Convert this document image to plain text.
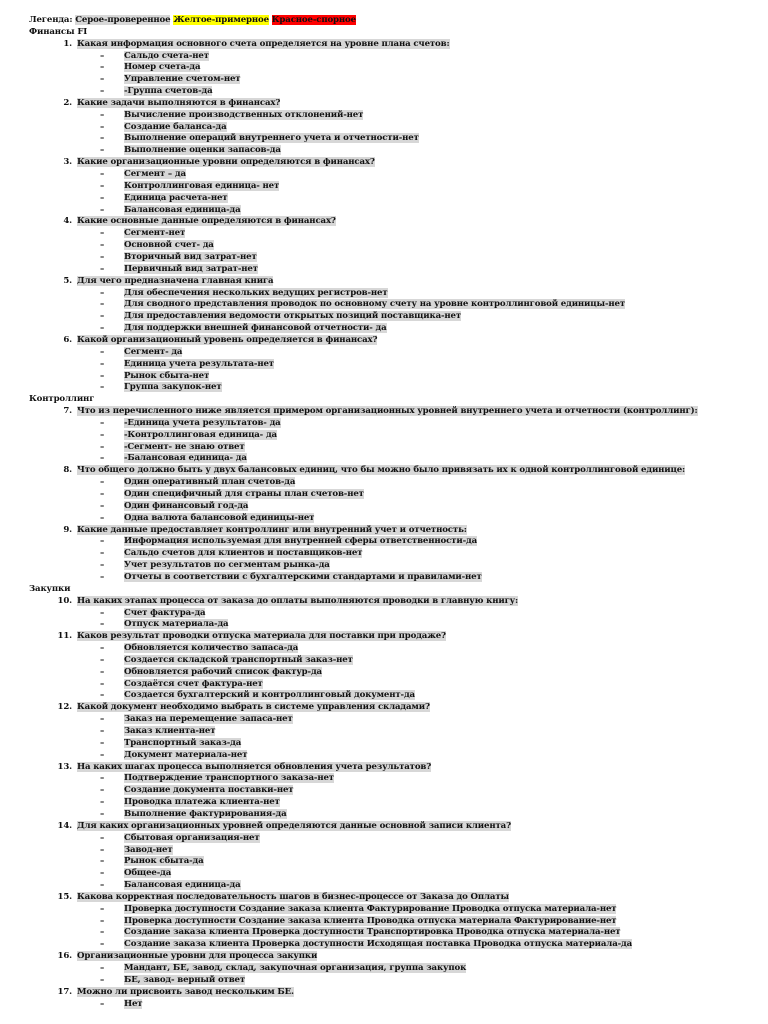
Легенда: Серое-проверенное Желтое-примерное Красное-спорное
Финансы FI
1. Какая информация основного счета определяется на уровне плана счетов:
– Сальдо счета-нет
– Номер счета-да
– Управление счетом-нет
– -Группа счетов-да
2. Какие задачи выполняются в финансах?
– Вычисление производственных отклонений-нет
– Создание баланса-да
– Выполнение операций внутреннего учета и отчетности-нет
– Выполнение оценки запасов-да
3. Какие организационные уровни определяются в финансах?
– Сегмент – да
– Контроллинговая единица- нет
– Единица расчета-нет
– Балансовая единица-да
4. Какие основные данные определяются в финансах?
– Сегмент-нет
– Основной счет- да
– Вторичный вид затрат-нет
– Первичный вид затрат-нет
5. Для чего предназначена главная книга
– Для обеспечения нескольких ведущих регистров-нет
– Для сводного представления проводок по основному счету на уровне контроллинговой единицы-нет
– Для предоставления ведомости открытых позиций поставщика-нет
– Для поддержки внешней финансовой отчетности- да
6. Какой организационный уровень определяется в финансах?
– Сегмент- да
– Единица учета результата-нет
– Рынок сбыта-нет
– Группа закупок-нет
Контроллинг
7. Что из перечисленного ниже является примером организационных уровней внутреннего учета и отчетности (контроллинг):
– -Единица учета результатов- да
– -Контроллинговая единица- да
– -Сегмент- не знаю ответ
– -Балансовая единица- да
8. Что общего должно быть у двух балансовых единиц, что бы можно было привязать их к одной контроллинговой единице:
– Один оперативный план счетов-да
– Один специфичный для страны план счетов-нет
– Один финансовый год-да
– Одна валюта балансовой единицы-нет
9. Какие данные предоставляет контроллинг или внутренний учет и отчетность:
– Информация используемая для внутренней сферы ответственности-да
– Сальдо счетов для клиентов и поставщиков-нет
– Учет результатов по сегментам рынка-да
– Отчеты в соответствии с бухгалтерскими стандартами и правилами-нет
Закупки
10. На каких этапах процесса от заказа до оплаты выполняются проводки в главную книгу:
– Счет фактура-да
– Отпуск материала-да
11. Каков результат проводки отпуска материала для поставки при продаже?
– Обновляется количество запаса-да
– Создается складской транспортный заказ-нет
– Обновляется рабочий список фактур-да
– Создаётся счет фактура-нет
– Создается бухгалтерский и контроллинговый документ-да
12. Какой документ необходимо выбрать в системе управления складами?
– Заказ на перемещение запаса-нет
– Заказ клиента-нет
– Транспортный заказ-да
– Документ материала-нет
13. На каких шагах процесса выполняется обновления учета результатов?
– Подтверждение транспортного заказа-нет
– Создание документа поставки-нет
– Проводка платежа клиента-нет
– Выполнение фактурирования-да
14. Для каких организационных уровней определяются данные основной записи клиента?
– Сбытовая организация-нет
– Завод-нет
– Рынок сбыта-да
– Общее-да
– Балансовая единица-да
15. Какова корректная последовательность шагов в бизнес-процессе от Заказа до Оплаты
– Проверка доступности Создание заказа клиента Фактурирование Проводка отпуска материала-нет
– Проверка доступности Создание заказа клиента Проводка отпуска материала Фактурирование-нет
– Создание заказа клиента Проверка доступности Транспортировка Проводка отпуска материала-нет
– Создание заказа клиента Проверка доступности Исходящая поставка Проводка отпуска материала-да
16. Организационные уровни для процесса закупки
– Мандант, БЕ, завод, склад, закупочная организация, группа закупок
– БЕ, завод- верный ответ
17. Можно ли присвоить завод нескольким БЕ.
– Нет
